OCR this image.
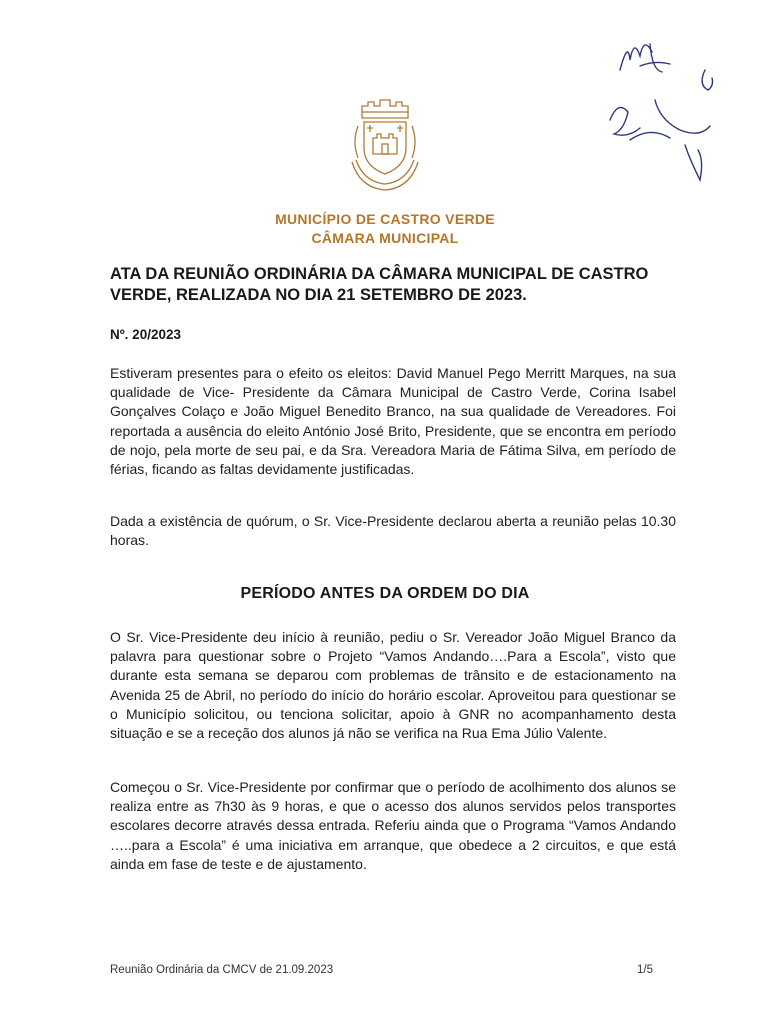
MUNICÍPIO DE CASTRO VERDE
CÂMARA MUNICIPAL
ATA DA REUNIÃO ORDINÁRIA DA CÂMARA MUNICIPAL DE CASTRO VERDE, REALIZADA NO DIA 21 SETEMBRO DE 2023.
Nº. 20/2023
Estiveram presentes para o efeito os eleitos: David Manuel Pego Merritt Marques, na sua qualidade de Vice- Presidente da Câmara Municipal de Castro Verde, Corina Isabel Gonçalves Colaço e João Miguel Benedito Branco, na sua qualidade de Vereadores. Foi reportada a ausência do eleito António José Brito, Presidente, que se encontra em período de nojo, pela morte de seu pai, e da Sra. Vereadora Maria de Fátima Silva, em período de férias, ficando as faltas devidamente justificadas.
Dada a existência de quórum, o Sr. Vice-Presidente declarou aberta a reunião pelas 10.30 horas.
PERÍODO ANTES DA ORDEM DO DIA
O Sr. Vice-Presidente deu início à reunião, pediu o Sr. Vereador João Miguel Branco da palavra para questionar sobre o Projeto “Vamos Andando….Para a Escola”, visto que durante esta semana se deparou com problemas de trânsito e de estacionamento na Avenida 25 de Abril, no período do início do horário escolar. Aproveitou para questionar se o Município solicitou, ou tenciona solicitar, apoio à GNR no acompanhamento desta situação e se a receção dos alunos já não se verifica na Rua Ema Júlio Valente.
Começou o Sr. Vice-Presidente por confirmar que o período de acolhimento dos alunos se realiza entre as 7h30 às 9 horas, e que o acesso dos alunos servidos pelos transportes escolares decorre através dessa entrada. Referiu ainda que o Programa “Vamos Andando …..para a Escola” é uma iniciativa em arranque, que obedece a 2 circuitos, e que está ainda em fase de teste e de ajustamento.
Reunião Ordinária da CMCV de 21.09.2023	1/5
